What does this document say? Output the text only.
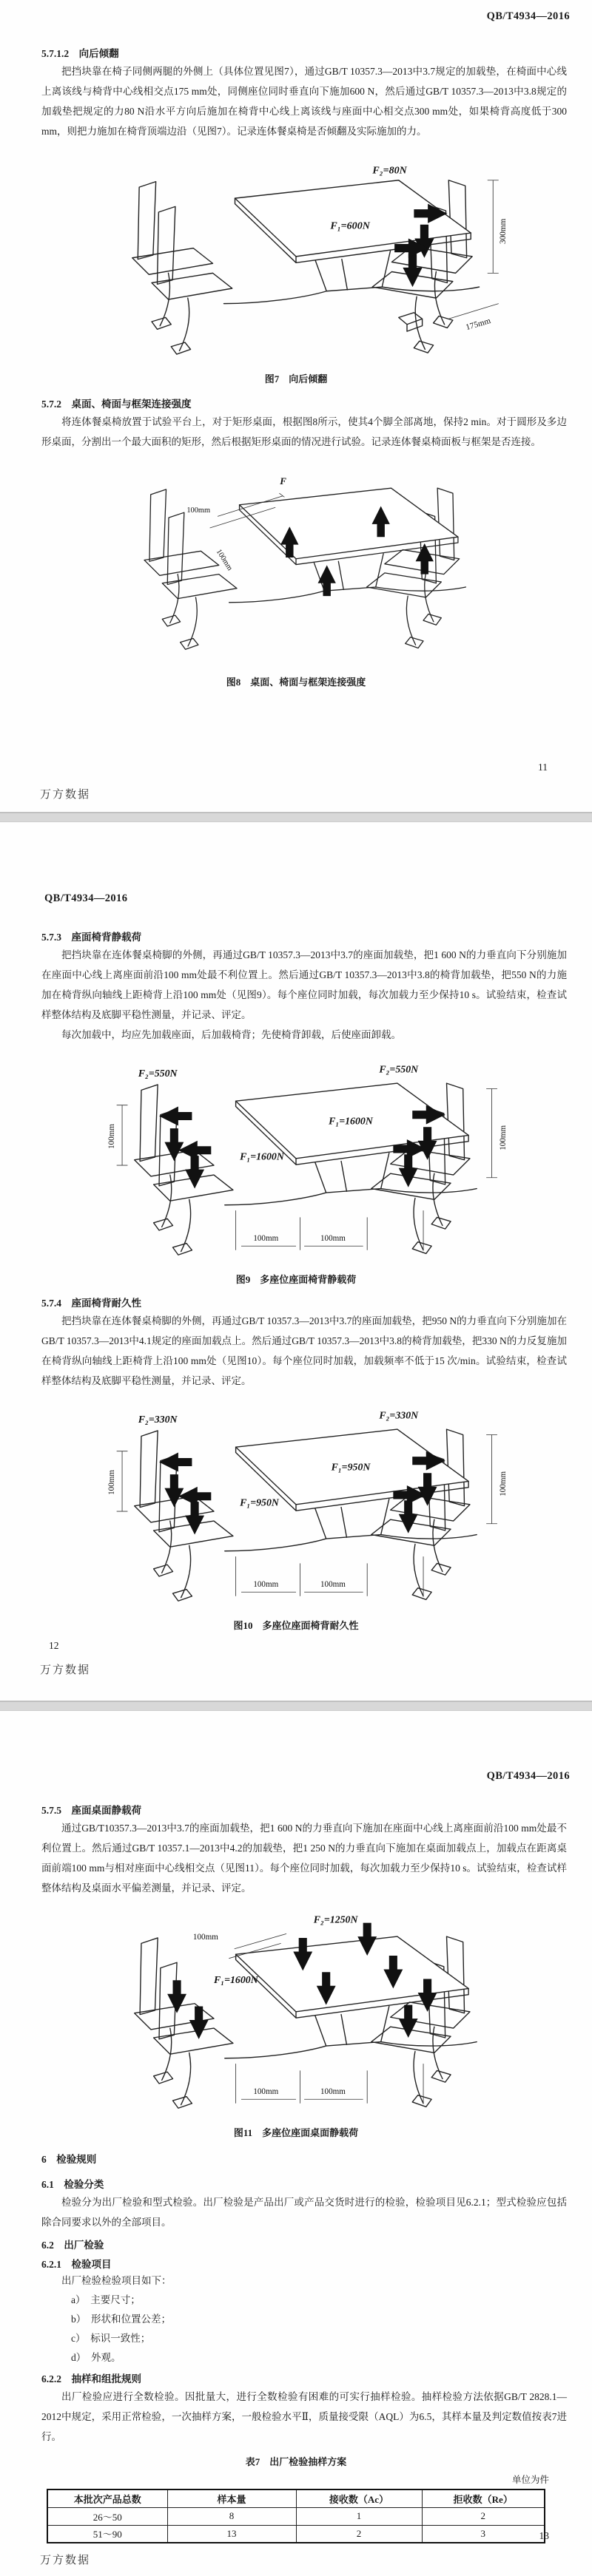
QB/T4934—2016
5.7.1.2　向后倾翻
把挡块靠在椅子同侧两腿的外侧上（具体位置见图7），通过GB/T 10357.3—2013中3.7规定的加载垫，在椅面中心线上离该线与椅背中心线相交点175 mm处，同侧座位同时垂直向下施加600 N，然后通过GB/T 10357.3—2013中3.8规定的加载垫把规定的力80 N沿水平方向后施加在椅背中心线上离该线与座面中心相交点300 mm处，如果椅背高度低于300 mm，则把力施加在椅背顶端边沿（见图7）。记录连体餐桌椅是否倾翻及实际施加的力。
F₂=80N
F₁=600N	300mm
175mm
图7　向后倾翻
5.7.2　桌面、椅面与框架连接强度
将连体餐桌椅放置于试验平台上，对于矩形桌面，根据图8所示，使其4个脚全部离地，保持2 min。对于圆形及多边形桌面，分割出一个最大面积的矩形，然后根据矩形桌面的情况进行试验。记录连体餐桌椅面板与框架是否连接。
F
100mm
100mm
图8　桌面、椅面与框架连接强度
11
万方数据
QB/T4934—2016
5.7.3　座面椅背静载荷
把挡块靠在连体餐桌椅脚的外侧，再通过GB/T 10357.3—2013中3.7的座面加载垫，把1 600 N的力垂直向下分别施加在座面中心线上离座面前沿100 mm处最不利位置上。然后通过GB/T 10357.3—2013中3.8的椅背加载垫，把550 N的力施加在椅背纵向轴线上距椅背上沿100 mm处（见图9）。每个座位同时加载，每次加载力至少保持10 s。试验结束，检查试样整体结构及底脚平稳性测量，并记录、评定。
每次加载中，均应先加载座面，后加载椅背；先使椅背卸载，后使座面卸载。
F₂=550N	F₂=550N
F₁=1600N
F₁=1600N
100mm	100mm
100mm	100mm
图9　多座位座面椅背静载荷
5.7.4　座面椅背耐久性
把挡块靠在连体餐桌椅脚的外侧，再通过GB/T 10357.3—2013中3.7的座面加载垫，把950 N的力垂直向下分别施加在GB/T 10357.3—2013中4.1规定的座面加载点上。然后通过GB/T 10357.3—2013中3.8的椅背加载垫，把330 N的力反复施加在椅背纵向轴线上距椅背上沿100 mm处（见图10）。每个座位同时加载，加载频率不低于15 次/min。试验结束，检查试样整体结构及底脚平稳性测量，并记录、评定。
F₂=330N	F₂=330N
F₁=950N
F₁=950N
100mm	100mm
100mm	100mm
图10　多座位座面椅背耐久性
12
万方数据
QB/T4934—2016
5.7.5　座面桌面静载荷
通过GB/T10357.3—2013中3.7的座面加载垫，把1 600 N的力垂直向下施加在座面中心线上离座面前沿100 mm处最不利位置上。然后通过GB/T 10357.1—2013中4.2的加载垫，把1 250 N的力垂直向下施加在桌面加载点上，加载点在距离桌面前端100 mm与相对座面中心线相交点（见图11）。每个座位同时加载，每次加载力至少保持10 s。试验结束，检查试样整体结构及桌面水平偏差测量，并记录、评定。
F₂=1250N
F₁=1600N
100mm
100mm	100mm
图11　多座位座面桌面静载荷
6　检验规则
6.1　检验分类
检验分为出厂检验和型式检验。出厂检验是产品出厂或产品交货时进行的检验，检验项目见6.2.1；型式检验应包括除合同要求以外的全部项目。
6.2　出厂检验
6.2.1　检验项目
出厂检验检验项目如下：
a）　主要尺寸；
b）　形状和位置公差；
c）　标识一致性；
d）　外观。
6.2.2　抽样和组批规则
出厂检验应进行全数检验。因批量大，进行全数检验有困难的可实行抽样检验。抽样检验方法依据GB/T 2828.1—2012中规定，采用正常检验，一次抽样方案，一般检验水平Ⅱ，质量接受限（AQL）为6.5，其样本量及判定数值按表7进行。
表7　出厂检验抽样方案
单位为件
本批次产品总数	样本量	接收数（Ac）	拒收数（Re）
26～50	8	1	2
51～90	13	2	3	13
万方数据
